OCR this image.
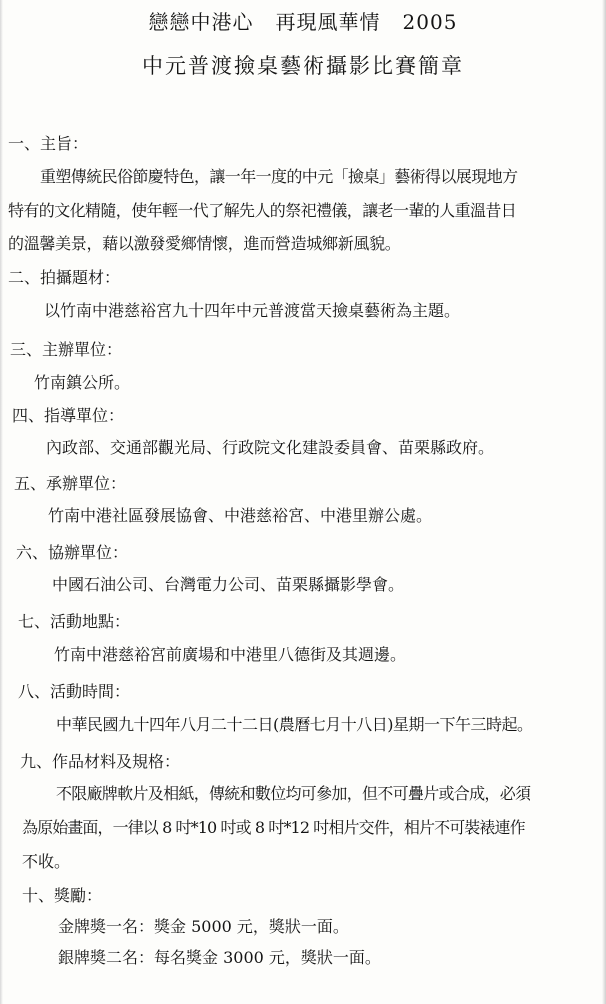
戀戀中港心 再現風華情 2005
中元普渡撿桌藝術攝影比賽簡章
一、主旨：
重塑傳統民俗節慶特色，讓一年一度的中元「撿桌」藝術得以展現地方
特有的文化精隨，使年輕一代了解先人的祭祀禮儀，讓老一輩的人重溫昔日
的溫馨美景，藉以激發愛鄉情懷，進而營造城鄉新風貌。
二、拍攝題材：
以竹南中港慈裕宮九十四年中元普渡當天撿桌藝術為主題。
三、主辦單位：
竹南鎮公所。
四、指導單位：
內政部、交通部觀光局、行政院文化建設委員會、苗栗縣政府。
五、承辦單位：
竹南中港社區發展協會、中港慈裕宮、中港里辦公處。
六、協辦單位：
中國石油公司、台灣電力公司、苗栗縣攝影學會。
七、活動地點：
竹南中港慈裕宮前廣場和中港里八德街及其週邊。
八、活動時間：
中華民國九十四年八月二十二日(農曆七月十八日)星期一下午三時起。
九、作品材料及規格：
不限廠牌軟片及相紙，傳統和數位均可參加，但不可疊片或合成，必須
為原始畫面，一律以 8 吋*10 吋或 8 吋*12 吋相片交件，相片不可裝裱連作
不收。
十、獎勵：
金牌獎一名：獎金 5000 元，獎狀一面。
銀牌獎二名：每名獎金 3000 元，獎狀一面。
